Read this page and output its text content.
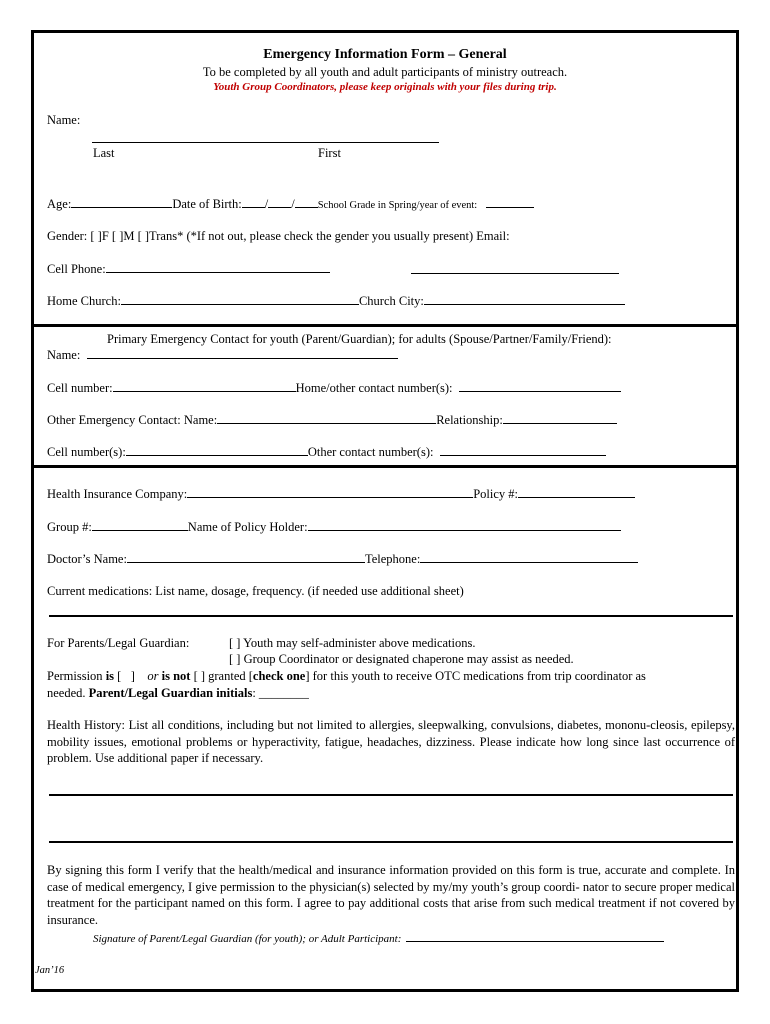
Emergency Information Form – General
To be completed by all youth and adult participants of ministry outreach.
Youth Group Coordinators, please keep originals with your files during trip.
Name:
Last	First
Age:	Date of Birth: / / School Grade in Spring/year of event:
Gender: [ ]F [ ]M [ ]Trans* (*If not out, please check the gender you usually present) Email:
Cell Phone:
Home Church:	Church City:
Primary Emergency Contact for youth (Parent/Guardian); for adults (Spouse/Partner/Family/Friend):
Name:
Cell number:	Home/other contact number(s):
Other Emergency Contact: Name:	Relationship:
Cell number(s):	Other contact number(s):
Health Insurance Company:	Policy #:
Group #:	Name of Policy Holder:
Doctor’s Name:	Telephone:
Current medications: List name, dosage, frequency. (if needed use additional sheet)
For Parents/Legal Guardian:	[ ] Youth may self-administer above medications.
[ ] Group Coordinator or designated chaperone may assist as needed.
Permission is [   ]    or is not [ ] granted [check one] for this youth to receive OTC medications from trip coordinator as
needed. Parent/Legal Guardian initials: ________
Health History: List all conditions, including but not limited to allergies, sleepwalking, convulsions, diabetes, mononu-cleosis, epilepsy, mobility issues, emotional problems or hyperactivity, fatigue, headaches, dizziness. Please indicate how long since last occurrence of problem. Use additional paper if necessary.
By signing this form I verify that the health/medical and insurance information provided on this form is true, accurate and complete. In case of medical emergency, I give permission to the physician(s) selected by my/my youth’s group coordi- nator to secure proper medical treatment for the participant named on this form. I agree to pay additional costs that arise from such medical treatment if not covered by insurance.
Signature of Parent/Legal Guardian (for youth); or Adult Participant:
Jan’16
